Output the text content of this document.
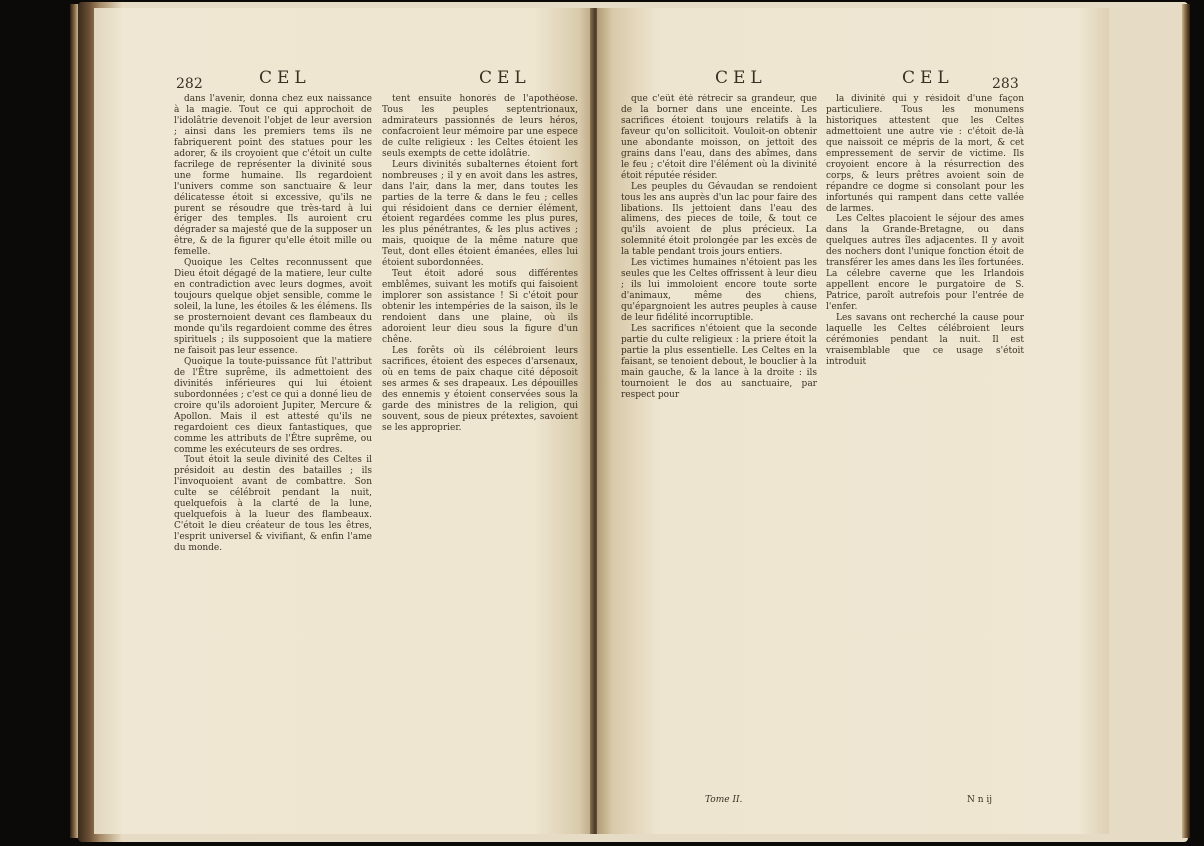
282	CEL	CEL

dans l'avenir, donna chez eux naissance à la magie. Tout ce qui approchoit de l'idolâtrie devenoit l'objet de leur aversion ; ainsi dans les premiers tems ils ne fabriquerent point des statues pour les adorer, & ils croyoient que c'étoit un culte facrilege de représenter la divinité sous une forme humaine. Ils regardoient l'univers comme son sanctuaire & leur délicatesse étoit si excessive, qu'ils ne purent se résoudre que très-tard à lui ériger des temples. Ils auroient cru dégrader sa majesté que de la supposer un être, & de la figurer qu'elle étoit mille ou femelle.

Quoique les Celtes reconnussent que Dieu étoit dégagé de la matiere, leur culte en contradiction avec leurs dogmes, avoit toujours quelque objet sensible, comme le soleil, la lune, les étoiles & les élémens. Ils se prosternoient devant ces flambeaux du monde qu'ils regardoient comme des êtres spirituels ; ils supposoient que la matiere ne faisoit pas leur essence.

Quoique la toute-puissance fût l'attribut de l'Être suprême, ils admettoient des divinités inférieures qui lui étoient subordonnées ; c'est ce qui a donné lieu de croire qu'ils adoroient Jupiter, Mercure & Apollon. Mais il est attesté qu'ils ne regardoient ces dieux fantastiques, que comme les attributs de l'Être suprême, ou comme les exécuteurs de ses ordres.

Tout étoit la seule divinité des Celtes il présidoit au destin des batailles ; ils l'invoquoient avant de combattre. Son culte se célébroit pendant la nuit, quelquefois à la clarté de la lune, quelquefois à la lueur des flambeaux. C'étoit le dieu créateur de tous les êtres, l'esprit universel & vivifiant, & enfin l'ame du monde.

tent ensuite honorés de l'apothéose. Tous les peuples septentrionaux, admirateurs passionnés de leurs héros, confacroient leur mémoire par une espece de culte religieux : les Celtes étoient les seuls exempts de cette idolâtrie.

Leurs divinités subalternes étoient fort nombreuses ; il y en avoit dans les astres, dans l'air, dans la mer, dans toutes les parties de la terre & dans le feu ; celles qui résidoient dans ce dernier élément, étoient regardées comme les plus pures, les plus pénétrantes, & les plus actives ; mais, quoique de la même nature que Teut, dont elles étoient émanées, elles lui étoient subordonnées.

Teut étoit adoré sous différentes emblêmes, suivant les motifs qui faisoient implorer son assistance ! Si c'étoit pour obtenir les intempéries de la saison, ils le rendoient dans une plaine, où ils adoroient leur dieu sous la figure d'un chêne.

Les forêts où ils célébroient leurs sacrifices, étoient des especes d'arsenaux, où en tems de paix chaque cité déposoit ses armes & ses drapeaux. Les dépouilles des ennemis y étoient conservées sous la garde des ministres de la religion, qui souvent, sous de pieux prétextes, savoient se les approprier.

CEL	CEL	283

que c'eût été rétrecir sa grandeur, que de la borner dans une enceinte. Les sacrifices étoient toujours relatifs à la faveur qu'on sollicitoit. Vouloit-on obtenir une abondante moisson, on jettoit des grains dans l'eau, dans des abîmes, dans le feu ; c'étoit dire l'élément où la divinité étoit réputée résider.

Les peuples du Gévaudan se rendoient tous les ans auprès d'un lac pour faire des libations. Ils jettoient dans l'eau des alimens, des pieces de toile, & tout ce qu'ils avoient de plus précieux. La solemnité étoit prolongée par les excès de la table pendant trois jours entiers.

Les victimes humaines n'étoient pas les seules que les Celtes offrissent à leur dieu ; ils lui immoloient encore toute sorte d'animaux, même des chiens, qu'épargnoient les autres peuples à cause de leur fidélité incorruptible.

Les sacrifices n'étoient que la seconde partie du culte religieux : la priere étoit la partie la plus essentielle. Les Celtes en la faisant, se tenoient debout, le bouclier à la main gauche, & la lance à la droite : ils tournoient le dos au sanctuaire, par respect pour

la divinité qui y résidoit d'une façon particuliere. Tous les monumens historiques attestent que les Celtes admettoient une autre vie : c'étoit de-là que naissoit ce mépris de la mort, & cet empressement de servir de victime. Ils croyoient encore à la résurrection des corps, & leurs prêtres avoient soin de répandre ce dogme si consolant pour les infortunés qui rampent dans cette vallée de larmes.

Les Celtes placoient le séjour des ames dans la Grande-Bretagne, ou dans quelques autres îles adjacentes. Il y avoit des nochers dont l'unique fonction étoit de transférer les ames dans les îles fortunées. La célebre caverne que les Irlandois appellent encore le purgatoire de S. Patrice, paroît autrefois pour l'entrée de l'enfer.

Les savans ont recherché la cause pour laquelle les Celtes célébroient leurs cérémonies pendant la nuit. Il est vraisemblable que ce usage s'étoit introduit

Tome II.	N n ij
